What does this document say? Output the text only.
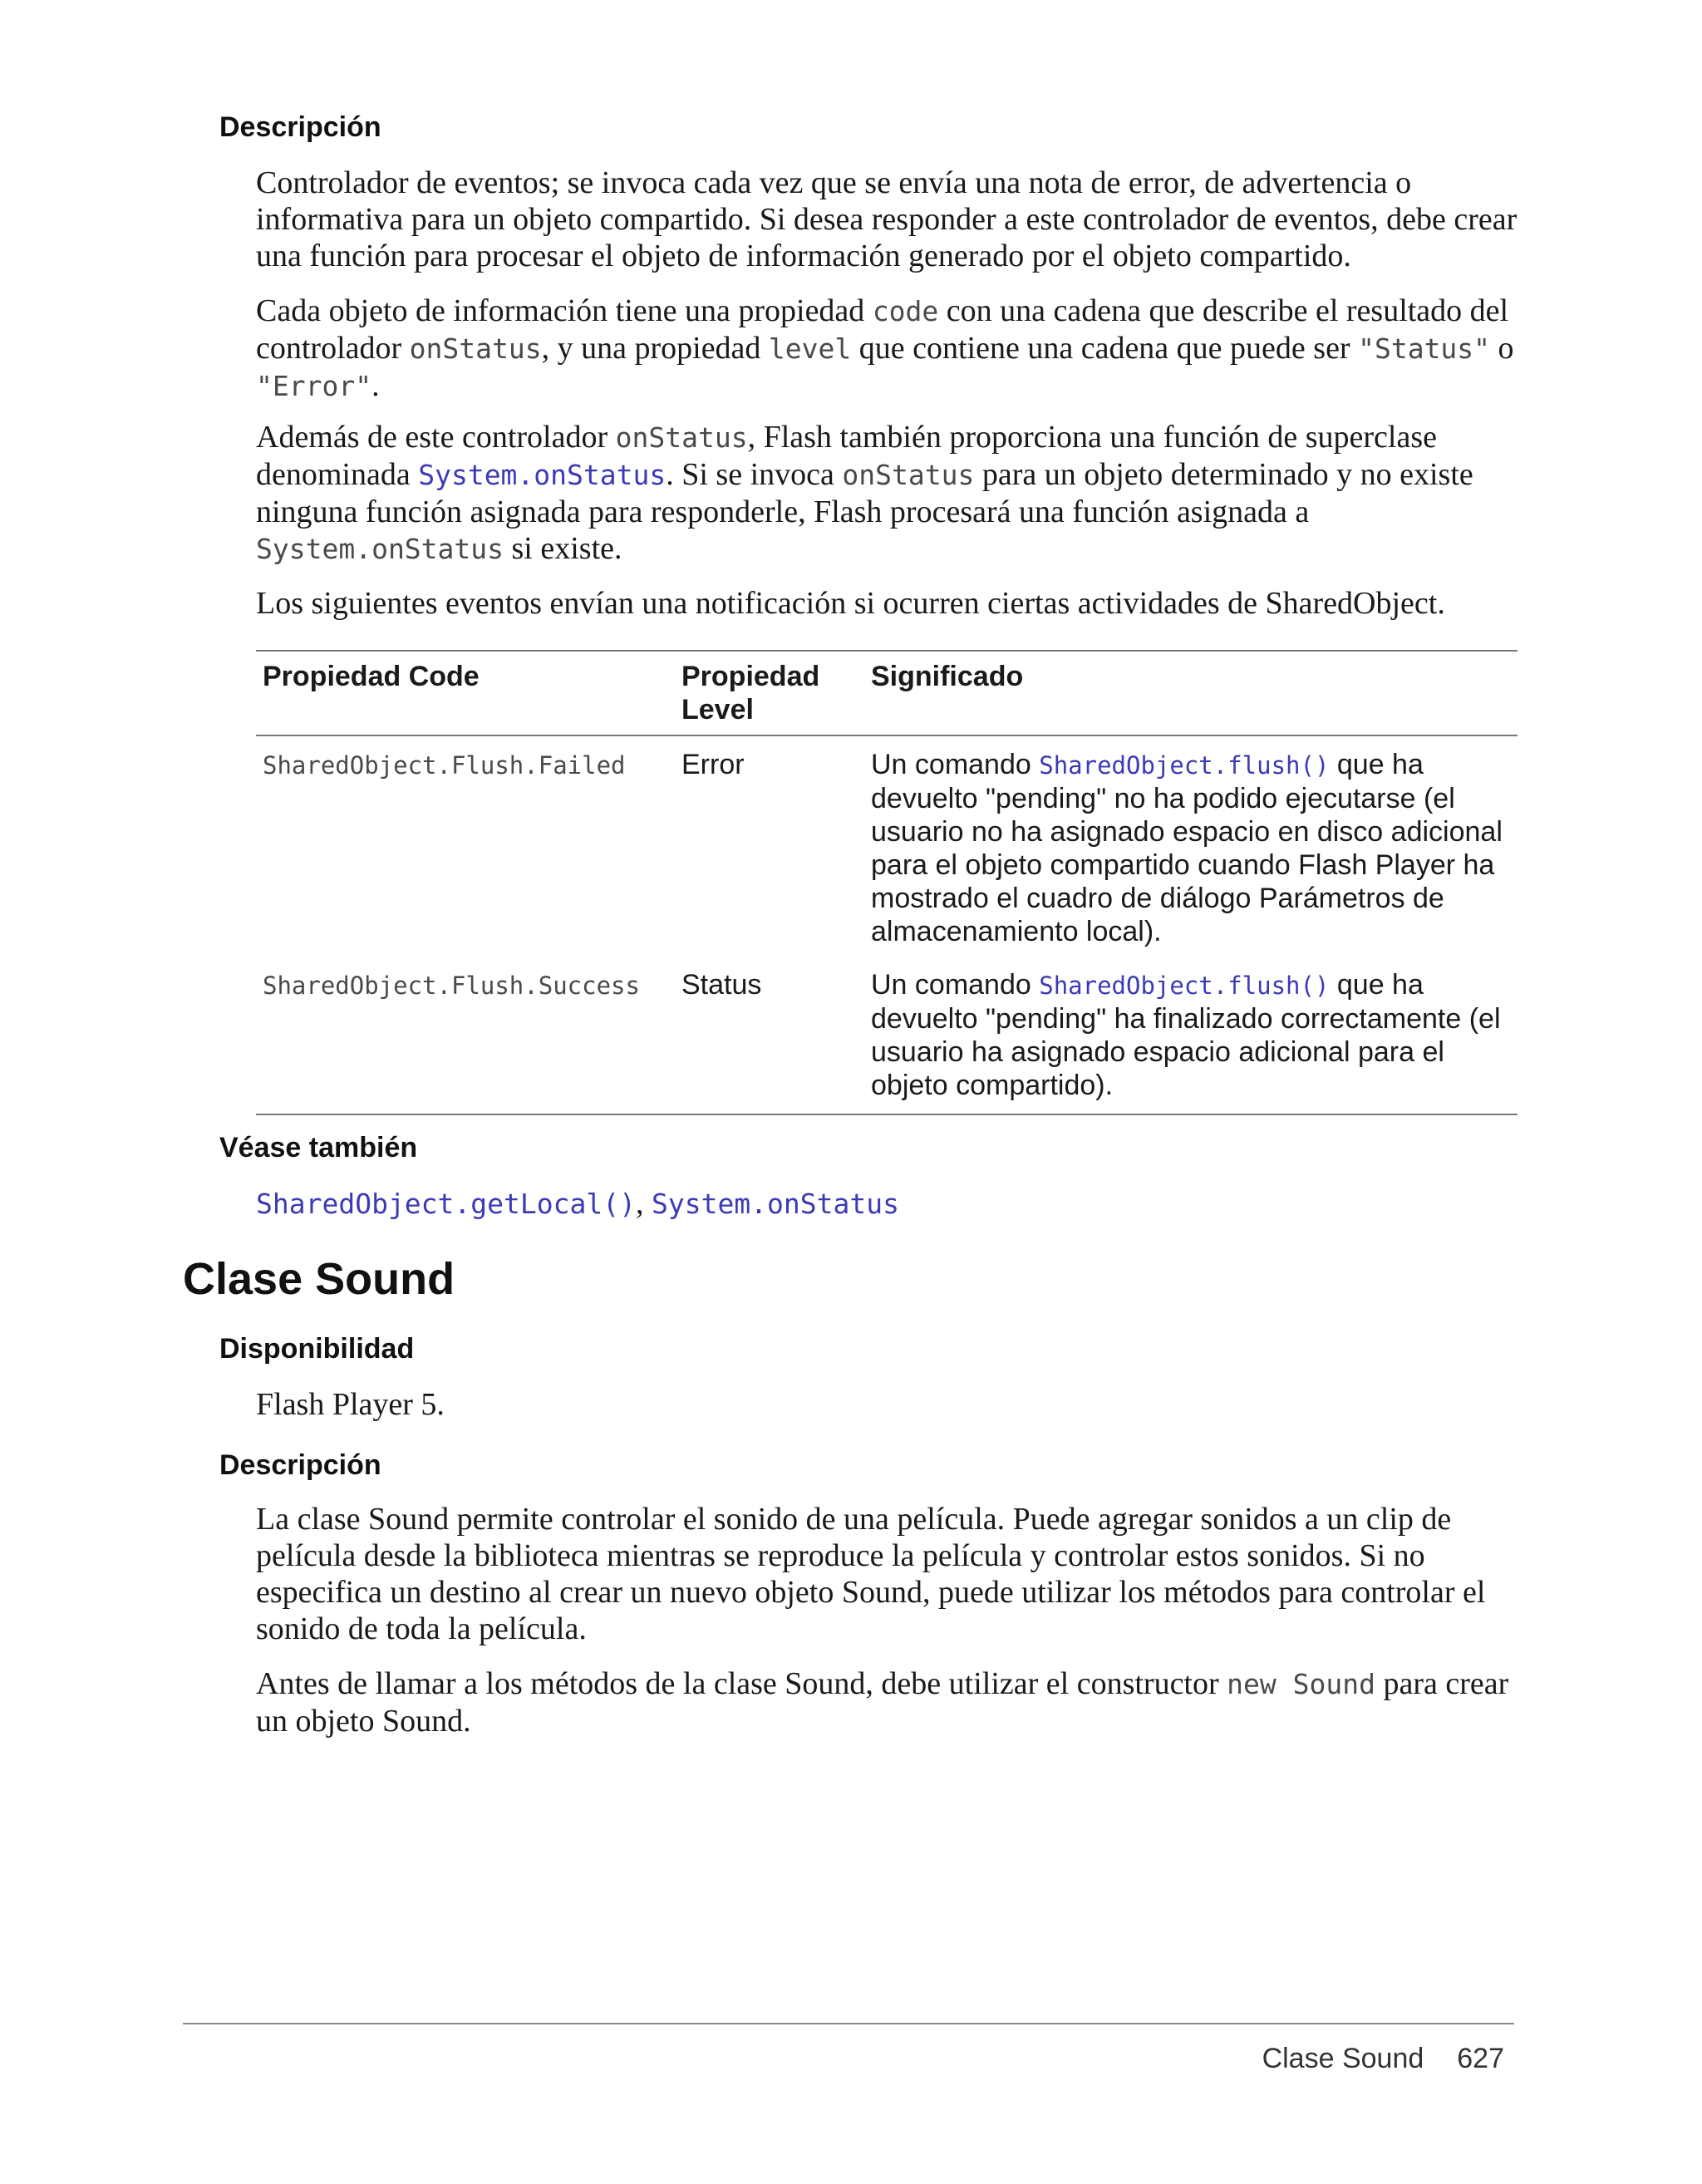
Descripción

Controlador de eventos; se invoca cada vez que se envía una nota de error, de advertencia o informativa para un objeto compartido. Si desea responder a este controlador de eventos, debe crear una función para procesar el objeto de información generado por el objeto compartido.

Cada objeto de información tiene una propiedad code con una cadena que describe el resultado del controlador onStatus, y una propiedad level que contiene una cadena que puede ser "Status" o "Error".

Además de este controlador onStatus, Flash también proporciona una función de superclase denominada System.onStatus. Si se invoca onStatus para un objeto determinado y no existe ninguna función asignada para responderle, Flash procesará una función asignada a System.onStatus si existe.

Los siguientes eventos envían una notificación si ocurren ciertas actividades de SharedObject.

Propiedad Code	Propiedad Level	Significado
SharedObject.Flush.Failed	Error	Un comando SharedObject.flush() que ha devuelto "pending" no ha podido ejecutarse (el usuario no ha asignado espacio en disco adicional para el objeto compartido cuando Flash Player ha mostrado el cuadro de diálogo Parámetros de almacenamiento local).
SharedObject.Flush.Success	Status	Un comando SharedObject.flush() que ha devuelto "pending" ha finalizado correctamente (el usuario ha asignado espacio adicional para el objeto compartido).
Véase también

SharedObject.getLocal(), System.onStatus

Clase Sound
Disponibilidad

Flash Player 5.

Descripción

La clase Sound permite controlar el sonido de una película. Puede agregar sonidos a un clip de película desde la biblioteca mientras se reproduce la película y controlar estos sonidos. Si no especifica un destino al crear un nuevo objeto Sound, puede utilizar los métodos para controlar el sonido de toda la película.

Antes de llamar a los métodos de la clase Sound, debe utilizar el constructor new Sound para crear un objeto Sound.

Clase Sound 627
